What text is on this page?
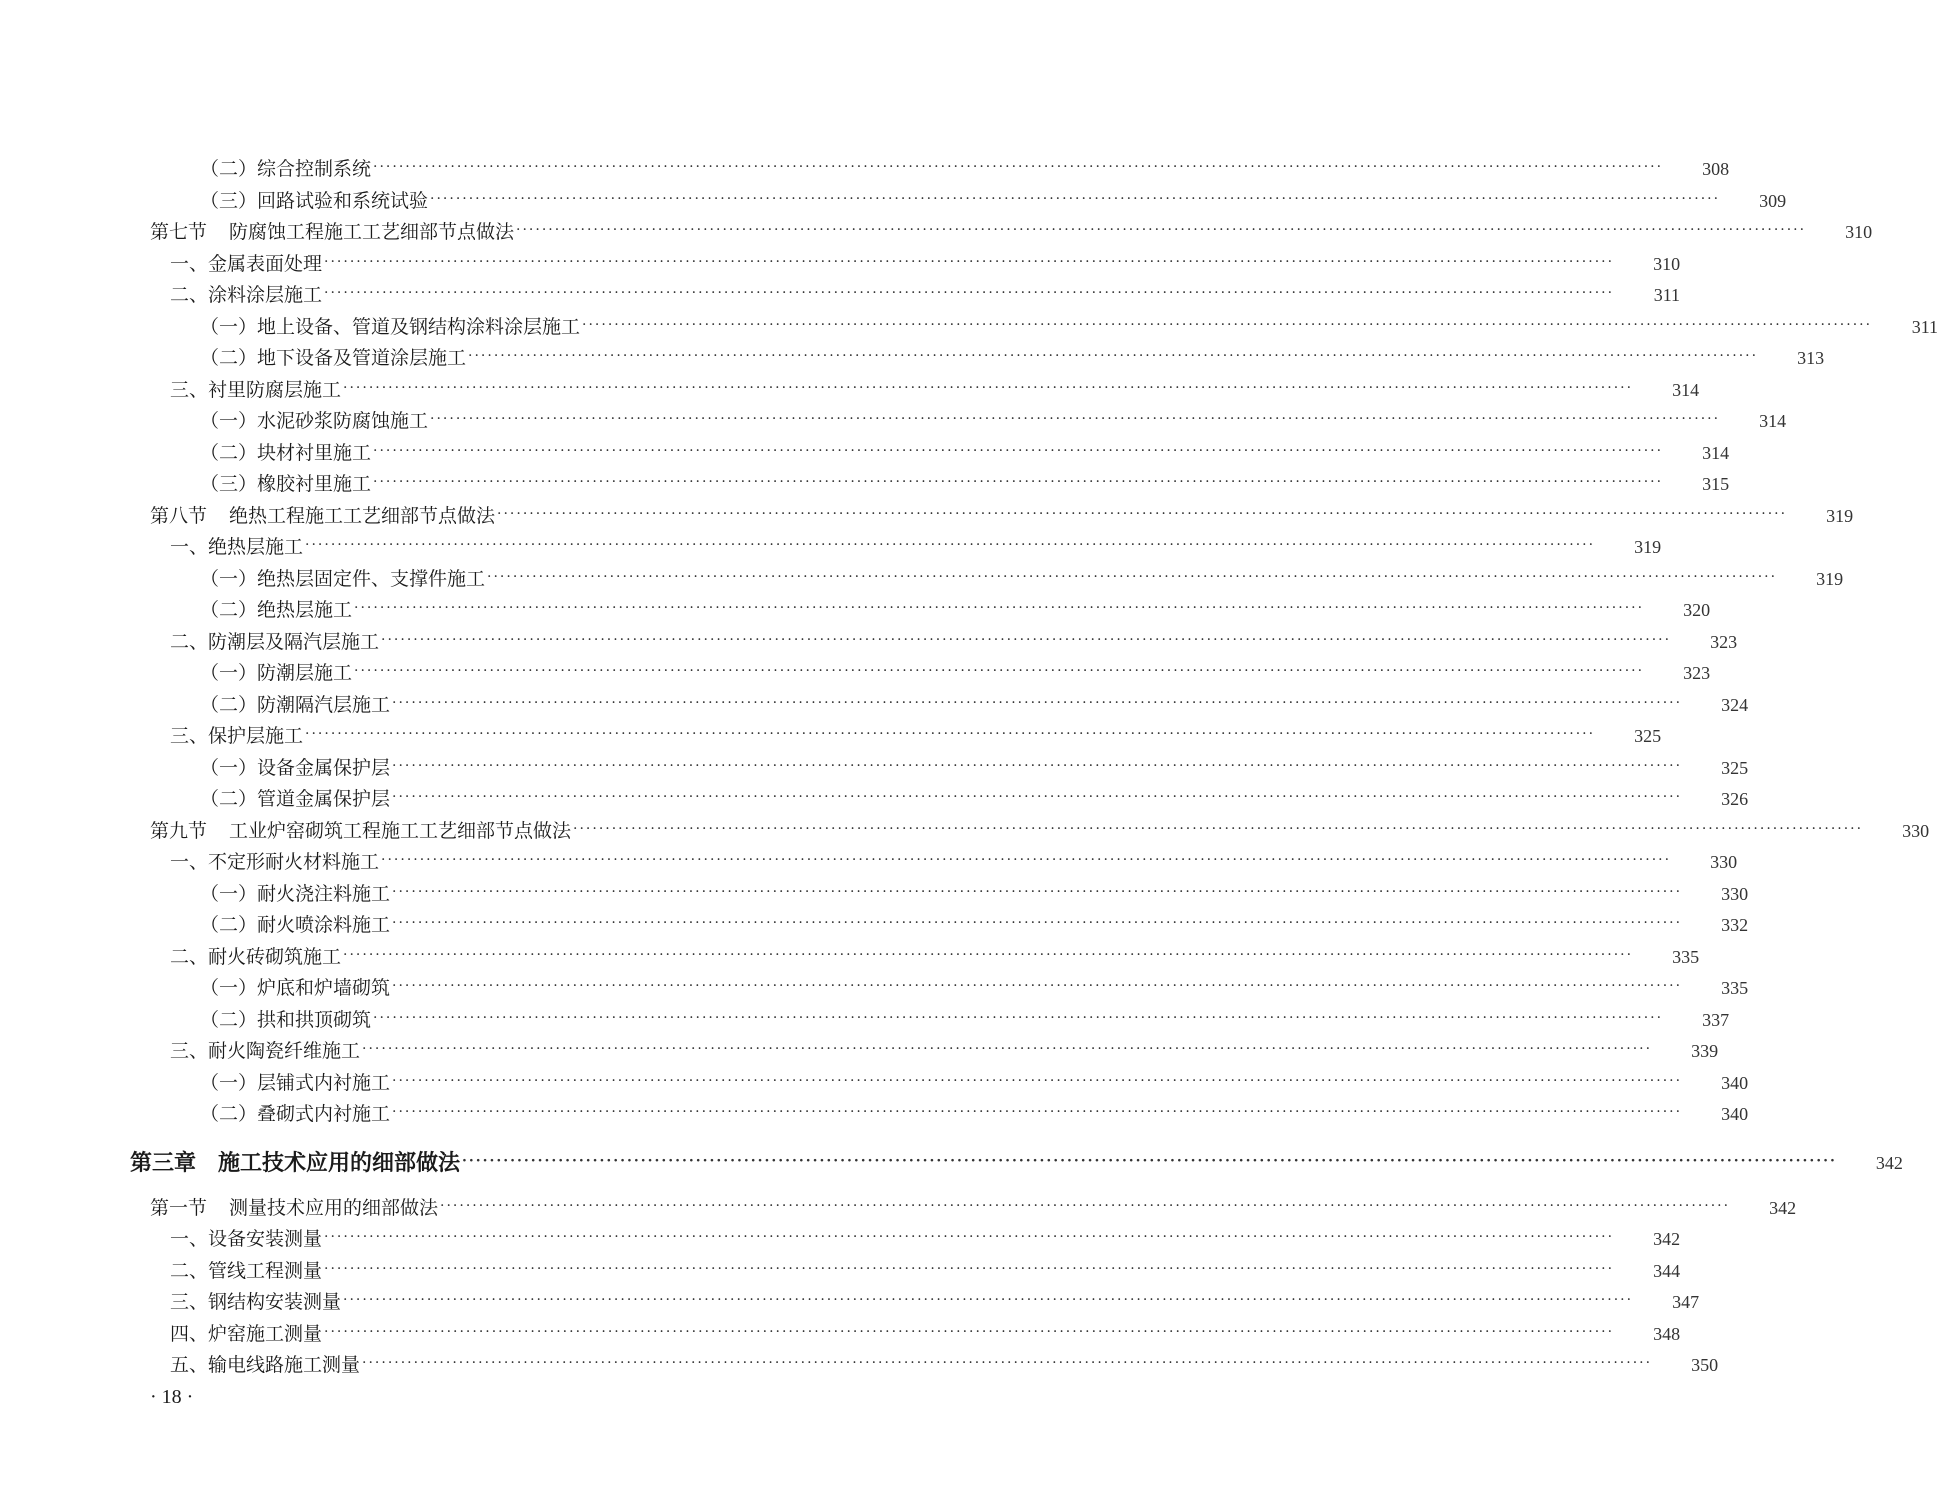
（二）综合控制系统 ········································································································································································································	308
（三）回路试验和系统试验 ········································································································································································································	309
第七节 防腐蚀工程施工工艺细部节点做法 ········································································································································································································	310
一、金属表面处理 ········································································································································································································	310
二、涂料涂层施工 ········································································································································································································	311
（一）地上设备、管道及钢结构涂料涂层施工 ········································································································································································································	311
（二）地下设备及管道涂层施工 ········································································································································································································	313
三、衬里防腐层施工 ········································································································································································································	314
（一）水泥砂浆防腐蚀施工 ········································································································································································································	314
（二）块材衬里施工 ········································································································································································································	314
（三）橡胶衬里施工 ········································································································································································································	315
第八节 绝热工程施工工艺细部节点做法 ········································································································································································································	319
一、绝热层施工 ········································································································································································································	319
（一）绝热层固定件、支撑件施工 ········································································································································································································	319
（二）绝热层施工 ········································································································································································································	320
二、防潮层及隔汽层施工 ········································································································································································································	323
（一）防潮层施工 ········································································································································································································	323
（二）防潮隔汽层施工 ········································································································································································································	324
三、保护层施工 ········································································································································································································	325
（一）设备金属保护层 ········································································································································································································	325
（二）管道金属保护层 ········································································································································································································	326
第九节 工业炉窑砌筑工程施工工艺细部节点做法 ········································································································································································································	330
一、不定形耐火材料施工 ········································································································································································································	330
（一）耐火浇注料施工 ········································································································································································································	330
（二）耐火喷涂料施工 ········································································································································································································	332
二、耐火砖砌筑施工 ········································································································································································································	335
（一）炉底和炉墙砌筑 ········································································································································································································	335
（二）拱和拱顶砌筑 ········································································································································································································	337
三、耐火陶瓷纤维施工 ········································································································································································································	339
（一）层铺式内衬施工 ········································································································································································································	340
（二）叠砌式内衬施工 ········································································································································································································	340
第三章 施工技术应用的细部做法 ········································································································································································································	342
第一节 测量技术应用的细部做法 ········································································································································································································	342
一、设备安装测量 ········································································································································································································	342
二、管线工程测量 ········································································································································································································	344
三、钢结构安装测量 ········································································································································································································	347
四、炉窑施工测量 ········································································································································································································	348
五、输电线路施工测量 ········································································································································································································	350
· 18 ·
